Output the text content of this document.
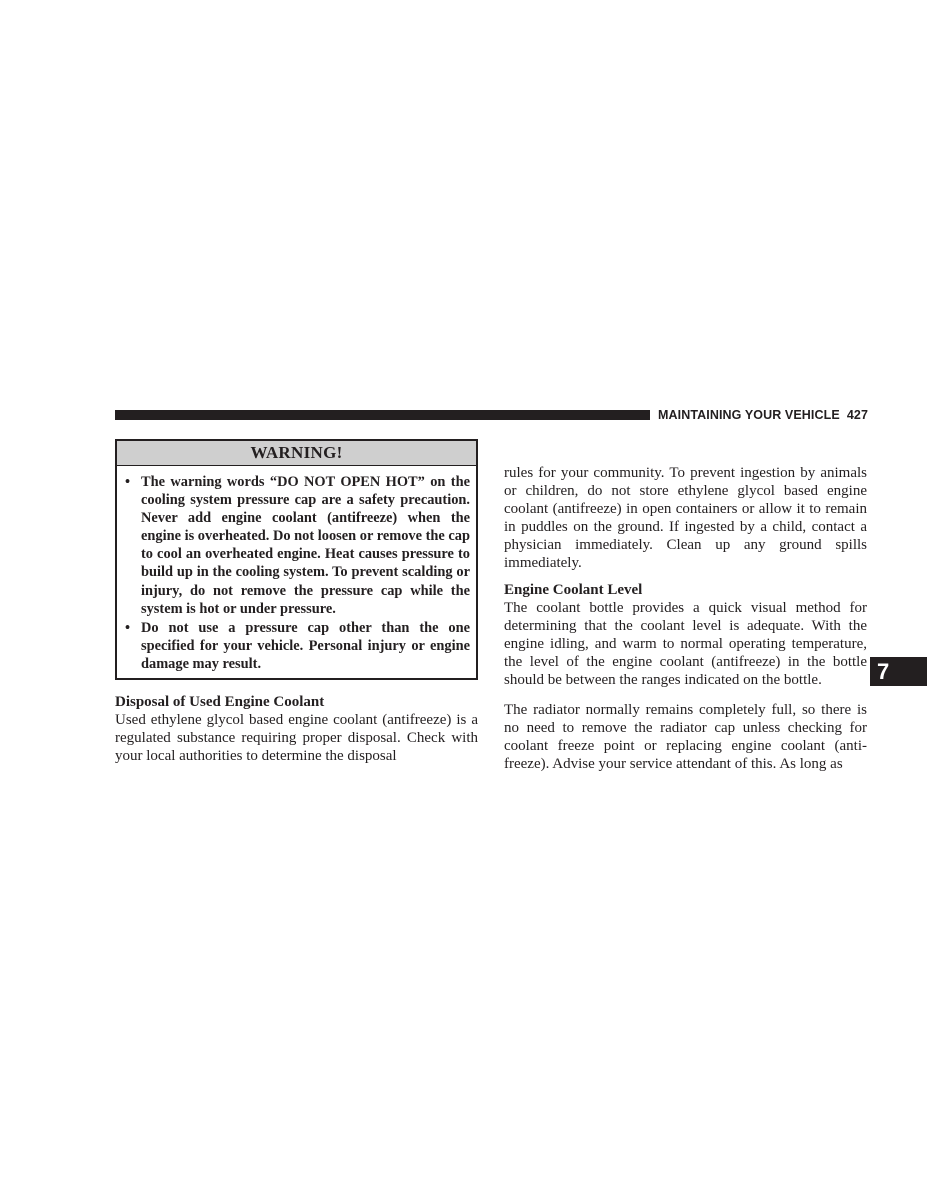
MAINTAINING YOUR VEHICLE 427
7
WARNING!
• The warning words “DO NOT OPEN HOT” on the cooling system pressure cap are a safety precaution. Never add engine coolant (antifreeze) when the engine is overheated. Do not loosen or remove the cap to cool an overheated engine. Heat causes pressure to build up in the cooling system. To prevent scalding or injury, do not remove the pressure cap while the system is hot or under pressure.
• Do not use a pressure cap other than the one specified for your vehicle. Personal injury or engine damage may result.
Disposal of Used Engine Coolant

Used ethylene glycol based engine coolant (antifreeze) is a regulated substance requiring proper disposal. Check with your local authorities to determine the disposal

rules for your community. To prevent ingestion by animals or children, do not store ethylene glycol based engine coolant (antifreeze) in open containers or allow it to remain in puddles on the ground. If ingested by a child, contact a physician immediately. Clean up any ground spills immediately.

Engine Coolant Level

The coolant bottle provides a quick visual method for determining that the coolant level is adequate. With the engine idling, and warm to normal operating temperature, the level of the engine coolant (antifreeze) in the bottle should be between the ranges indicated on the bottle.

The radiator normally remains completely full, so there is no need to remove the radiator cap unless checking for coolant freeze point or replacing engine coolant (antifreeze). Advise your service attendant of this. As long as
